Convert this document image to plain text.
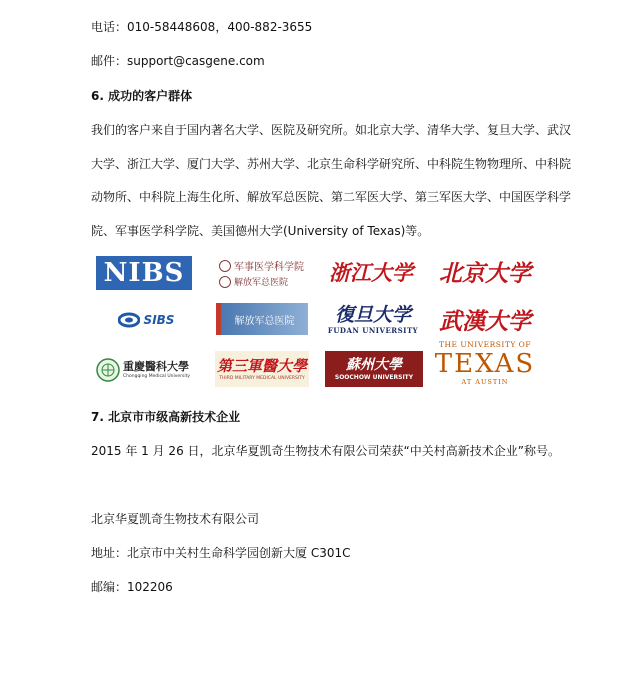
电话：010-58448608，400-882-3655
邮件：support@casgene.com
6. 成功的客户群体
我们的客户来自于国内著名大学、医院及研究所。如北京大学、清华大学、复旦大学、武汉
大学、浙江大学、厦门大学、苏州大学、北京生命科学研究所、中科院生物物理所、中科院
动物所、中科院上海生化所、解放军总医院、第二军医大学、第三军医大学、中国医学科学
院、军事医学科学院、美国德州大学(University of Texas)等。
NIBS	军事医学科学院
解放军总医院 浙江大学 北京大学
SIBS	解放军总医院 復旦大学
FUDAN UNIVERSITY 武漢大学
重慶醫科大學
Chongqing Medical University
第三軍醫大學
THIRD MILITARY MEDICAL UNIVERSITY
蘇州大學
SOOCHOW UNIVERSITY
THE UNIVERSITY OF
TEXAS
AT AUSTIN
7. 北京市市级高新技术企业
2015 年 1 月 26 日，北京华夏凯奇生物技术有限公司荣获“中关村高新技术企业”称号。
北京华夏凯奇生物技术有限公司
地址：北京市中关村生命科学园创新大厦 C301C
邮编：102206
